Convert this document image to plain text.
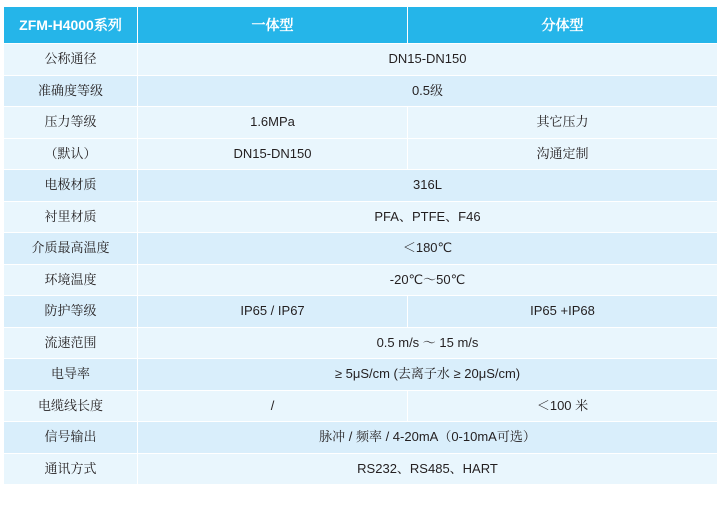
ZFM-H4000系列	一体型	分体型
公称通径	DN15-DN150	
准确度等级	0.5级	
压力等级	1.6MPa	其它压力
（默认）	DN15-DN150	沟通定制
电极材质	316L	
衬里材质	PFA、PTFE、F46	
介质最高温度	＜180℃	
环境温度	-20℃～50℃	
防护等级	IP65 / IP67	IP65 +IP68
流速范围	0.5 m/s ～ 15 m/s	
电导率	≥ 5μS/cm (去离子水 ≥ 20μS/cm)	
电缆线长度	/	＜100 米
信号输出	脉冲 / 频率 / 4-20mA（0-10mA可选）	
通讯方式	RS232、RS485、HART	
